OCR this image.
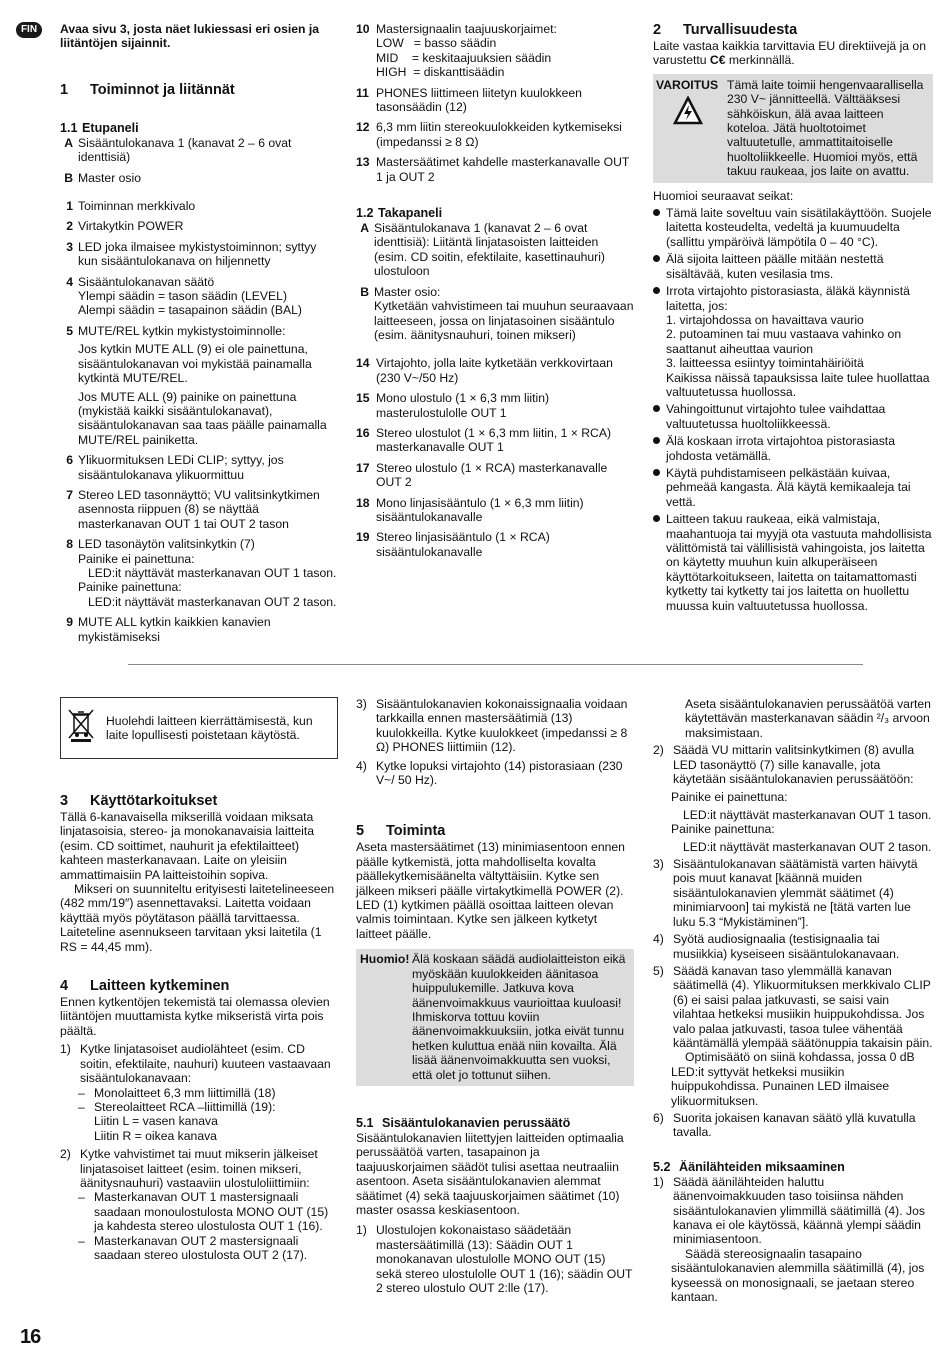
FIN	Avaa sivu 3, josta näet lukiessasi eri osien ja liitäntöjen sijainnit.

1 Toiminnot ja liitännät
1.1 Etupaneli
A Sisääntulokanava 1 (kanavat 2 – 6 ovat identtisiä)
B Master osio
1 Toiminnan merkkivalo
2 Virtakytkin POWER
3 LED joka ilmaisee mykistystoiminnon; syttyy kun sisääntulokanava on hiljennetty
4 Sisääntulokanavan säätö

Ylempi säädin = tason säädin (LEVEL)

Alempi säädin = tasapainon säädin (BAL)

5 MUTE/REL kytkin mykistystoiminnolle:

Jos kytkin MUTE ALL (9) ei ole painettuna, sisääntulokanavan voi mykistää painamalla kytkintä MUTE/REL.

Jos MUTE ALL (9) painike on painettuna (mykistää kaikki sisääntulokanavat), sisääntulokanavan saa taas päälle painamalla MUTE/REL painiketta.

6 Ylikuormituksen LEDi CLIP; syttyy, jos sisääntulokanava ylikuormittuu
7 Stereo LED tasonnäyttö; VU valitsinkytkimen asennosta riippuen (8) se näyttää masterkanavan OUT 1 tai OUT 2 tason
8 LED tasonäytön valitsinkytkin (7)

Painike ei painettuna:

LED:it näyttävät masterkanavan OUT 1 tason.

Painike painettuna:

LED:it näyttävät masterkanavan OUT 2 tason.

9 MUTE ALL kytkin kaikkien kanavien mykistämiseksi
10 Mastersignaalin taajuuskorjaimet:

LOW   = basso säädin

MID    = keskitaajuuksien säädin

HIGH  = diskanttisäädin

11 PHONES liittimeen liitetyn kuulokkeen tasonsäädin (12)
12 6,3 mm liitin stereokuulokkeiden kytkemiseksi (impedanssi ≥ 8 Ω)
13 Mastersäätimet kahdelle masterkanavalle OUT 1 ja OUT 2
1.2 Takapaneli
A Sisääntulokanava 1 (kanavat 2 – 6 ovat identtisiä): Liitäntä linjatasoisten laitteiden (esim. CD soitin, efektilaite, kasettinauhuri) ulostuloon
B Master osio:

Kytketään vahvistimeen tai muuhun seuraavaan laitteeseen, jossa on linjatasoinen sisääntulo (esim. äänitysnauhuri, toinen mikseri)

14 Virtajohto, jolla laite kytketään verkkovirtaan (230 V~/50 Hz)
15 Mono ulostulo (1 × 6,3 mm liitin) masterulostulolle OUT 1
16 Stereo ulostulot (1 × 6,3 mm liitin, 1 × RCA) masterkanavalle OUT 1
17 Stereo ulostulo (1 × RCA) masterkanavalle OUT 2
18 Mono linjasisääntulo (1 × 6,3 mm liitin) sisääntulokanavalle
19 Stereo linjasisääntulo (1 × RCA) sisääntulokanavalle
2 Turvallisuudesta

Laite vastaa kaikkia tarvittavia EU direktiivejä ja on varustettu C€ merkinnällä.

VAROITUS Tämä laite toimii hengenvaarallisella 230 V~ jännitteellä. Välttääksesi sähköiskun, älä avaa laitteen koteloa. Jätä huoltotoimet valtuutetulle, ammattitaitoiselle huoltoliikkeelle. Huomioi myös, että takuu raukeaa, jos laite on avattu.

Huomioi seuraavat seikat:

Tämä laite soveltuu vain sisätilakäyttöön. Suojele laitetta kosteudelta, vedeltä ja kuumuudelta (sallittu ympäröivä lämpötila 0 – 40 °C).
Älä sijoita laitteen päälle mitään nestettä sisältävää, kuten vesilasia tms.
Irrota virtajohto pistorasiasta, äläkä käynnistä laitetta, jos:

1. virtajohdossa on havaittava vaurio

2. putoaminen tai muu vastaava vahinko on saattanut aiheuttaa vaurion

3. laitteessa esiintyy toimintahäiriöitä

Kaikissa näissä tapauksissa laite tulee huollattaa valtuutetussa huollossa.

Vahingoittunut virtajohto tulee vaihdattaa valtuutetussa huoltoliikkeessä.
Älä koskaan irrota virtajohtoa pistorasiasta johdosta vetämällä.
Käytä puhdistamiseen pelkästään kuivaa, pehmeää kangasta. Älä käytä kemikaaleja tai vettä.
Laitteen takuu raukeaa, eikä valmistaja, maahantuoja tai myyjä ota vastuuta mahdollisista välittömistä tai välillisistä vahingoista, jos laitetta on käytetty muuhun kuin alkuperäiseen käyttötarkoitukseen, laitetta on taitamattomasti kytketty tai kytketty tai jos laitetta on huollettu muussa kuin valtuutetussa huollossa.

Huolehdi laitteen kierrättämisestä, kun laite lopullisesti poistetaan käytöstä.

3 Käyttötarkoitukset

Tällä 6-kanavaisella mikserillä voidaan miksata linjatasoisia, stereo- ja monokanavaisia laitteita (esim. CD soittimet, nauhurit ja efektilaitteet) kahteen masterkanavaan. Laite on yleisiin ammattimaisiin PA laitteistoihin sopiva.

Mikseri on suunniteltu erityisesti laitetelineeseen (482 mm/19″) asennettavaksi. Laitetta voidaan käyttää myös pöytätason päällä tarvittaessa. Laiteteline asennukseen tarvitaan yksi laitetila (1 RS = 44,45 mm).

4 Laitteen kytkeminen

Ennen kytkentöjen tekemistä tai olemassa olevien liitäntöjen muuttamista kytke mikseristä virta pois päältä.

1) Kytke linjatasoiset audiolähteet (esim. CD soitin, efektilaite, nauhuri) kuuteen vastaavaan sisääntulokanavaan:
– Monolaitteet 6,3 mm liittimillä (18)
– Stereolaitteet RCA –liittimillä (19):

Liitin L = vasen kanava

Liitin R = oikea kanava

2) Kytke vahvistimet tai muut mikserin jälkeiset linjatasoiset laitteet (esim. toinen mikseri, äänitysnauhuri) vastaaviin ulostuloliittimiin:
– Masterkanavan OUT 1 mastersignaali saadaan monoulostulosta MONO OUT (15) ja kahdesta stereo ulostulosta OUT 1 (16).
– Masterkanavan OUT 2 mastersignaali saadaan stereo ulostulosta OUT 2 (17).
3) Sisääntulokanavien kokonaissignaalia voidaan tarkkailla ennen mastersäätimiä (13) kuulokkeilla. Kytke kuulokkeet (impedanssi ≥ 8 Ω) PHONES liittimiin (12).
4) Kytke lopuksi virtajohto (14) pistorasiaan (230 V~/ 50 Hz).
5 Toiminta

Aseta mastersäätimet (13) minimiasentoon ennen päälle kytkemistä, jotta mahdolliselta kovalta päällekytkemisäänelta vältyttäisiin. Kytke sen jälkeen mikseri päälle virtakytkimellä POWER (2). LED (1) kytkimen päällä osoittaa laitteen olevan valmis toimintaan. Kytke sen jälkeen kytketyt laitteet päälle.

Huomio! Älä koskaan säädä audiolaitteiston eikä myöskään kuulokkeiden äänitasoa huippulukemille. Jatkuva kova äänenvoimakkuus vaurioittaa kuuloasi! Ihmiskorva tottuu koviin äänenvoimakkuuksiin, jotka eivät tunnu hetken kuluttua enää niin kovailta. Älä lisää äänenvoimakkuutta sen vuoksi, että olet jo tottunut siihen.

5.1 Sisääntulokanavien perussäätö

Sisääntulokanavien liitettyjen laitteiden optimaalia perussäätöä varten, tasapainon ja taajuuskorjaimen säädöt tulisi asettaa neutraaliin asentoon. Aseta sisääntulokanavien alemmat säätimet (4) sekä taajuuskorjaimen säätimet (10) master osassa keskiasentoon.

1) Ulostulojen kokonaistaso säädetään mastersäätimillä (13): Säädin OUT 1 monokanavan ulostulolle MONO OUT (15) sekä stereo ulostulolle OUT 1 (16); säädin OUT 2 stereo ulostulo OUT 2:lle (17).

Aseta sisääntulokanavien perussäätöä varten käytettävän masterkanavan säädin ²/₃ arvoon maksimistaan.

2) Säädä VU mittarin valitsinkytkimen (8) avulla LED tasonäyttö (7) sille kanavalle, jota käytetään sisääntulokanavien perussäätöön:

Painike ei painettuna:

LED:it näyttävät masterkanavan OUT 1 tason.

Painike painettuna:

LED:it näyttävät masterkanavan OUT 2 tason.

3) Sisääntulokanavan säätämistä varten häivytä pois muut kanavat [käännä muiden sisääntulokanavien ylemmät säätimet (4) minimiarvoon] tai mykistä ne [tätä varten lue luku 5.3 “Mykistäminen”].
4) Syötä audiosignaalia (testisignaalia tai musiikkia) kyseiseen sisääntulokanavaan.
5) Säädä kanavan taso ylemmällä kanavan säätimellä (4). Ylikuormituksen merkkivalo CLIP (6) ei saisi palaa jatkuvasti, se saisi vain vilahtaa hetkeksi musiikin huippukohdissa. Jos valo palaa jatkuvasti, tasoa tulee vähentää kääntämällä ylempää säätönuppia takaisin päin.

Optimisäätö on siinä kohdassa, jossa 0 dB LED:it syttyvät hetkeksi musiikin huippukohdissa. Punainen LED ilmaisee ylikuormituksen.

6) Suorita jokaisen kanavan säätö yllä kuvatulla tavalla.
5.2 Äänilähteiden miksaaminen
1) Säädä äänilähteiden haluttu äänenvoimakkuuden taso toisiinsa nähden sisääntulokanavien ylimmillä säätimillä (4). Jos kanava ei ole käytössä, käännä ylempi säädin minimiasentoon.

Säädä stereosignaalin tasapaino sisääntulokanavien alemmilla säätimillä (4), jos kyseessä on monosignaali, se jaetaan stereo kantaan.

16
